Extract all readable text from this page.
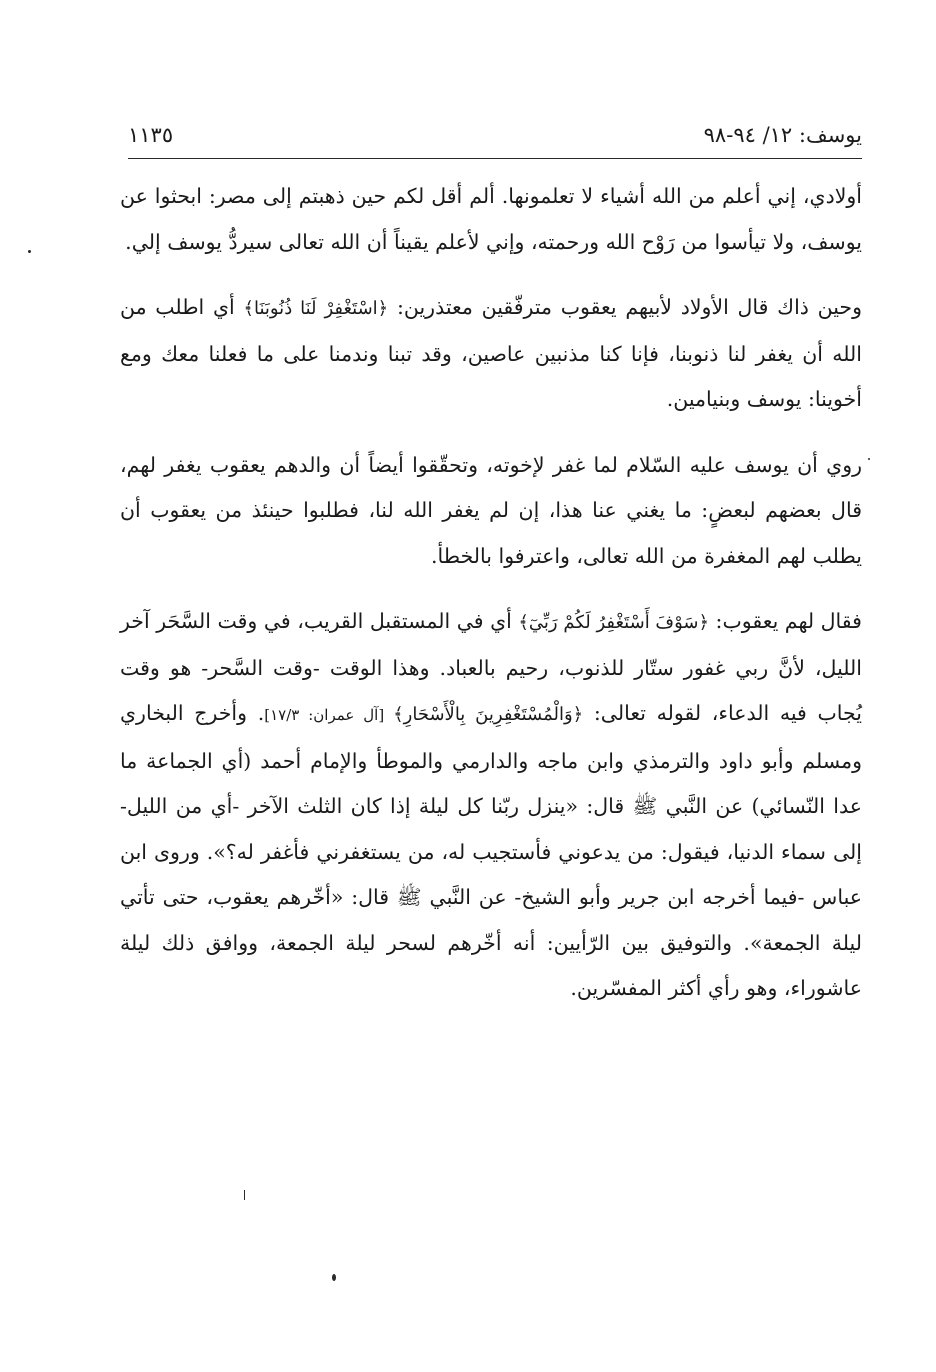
يوسف: ١٢/ ٩٤-٩٨
١١٣٥

أولادي، إني أعلم من الله أشياء لا تعلمونها. ألم أقل لكم حين ذهبتم إلى مصر: ابحثوا عن يوسف، ولا تيأسوا من رَوْح الله ورحمته، وإني لأعلم يقيناً أن الله تعالى سيردُّ يوسف إلي.

وحين ذاك قال الأولاد لأبيهم يعقوب مترفّقين معتذرين: ﴿اسْتَغْفِرْ لَنَا ذُنُوبَنَا﴾ أي اطلب من الله أن يغفر لنا ذنوبنا، فإنا كنا مذنبين عاصين، وقد تبنا وندمنا على ما فعلنا معك ومع أخوينا: يوسف وبنيامين.

روي أن يوسف عليه السّلام لما غفر لإخوته، وتحقّقوا أيضاً أن والدهم يعقوب يغفر لهم، قال بعضهم لبعضٍ: ما يغني عنا هذا، إن لم يغفر الله لنا، فطلبوا حينئذ من يعقوب أن يطلب لهم المغفرة من الله تعالى، واعترفوا بالخطأ.

فقال لهم يعقوب: ﴿سَوْفَ أَسْتَغْفِرُ لَكُمْ رَبِّيٓ﴾ أي في المستقبل القريب، في وقت السَّحَر آخر الليل، لأنَّ ربي غفور ستّار للذنوب، رحيم بالعباد. وهذا الوقت -وقت السَّحر- هو وقت يُجاب فيه الدعاء، لقوله تعالى: ﴿وَالْمُسْتَغْفِرِينَ بِالْأَسْحَارِ﴾ [آل عمران: ١٧/٣]. وأخرج البخاري ومسلم وأبو داود والترمذي وابن ماجه والدارمي والموطأ والإمام أحمد (أي الجماعة ما عدا النّسائي) عن النَّبي ﷺ قال: «ينزل ربّنا كل ليلة إذا كان الثلث الآخر -أي من الليل- إلى سماء الدنيا، فيقول: من يدعوني فأستجيب له، من يستغفرني فأغفر له؟». وروى ابن عباس -فيما أخرجه ابن جرير وأبو الشيخ- عن النَّبي ﷺ قال: «أخّرهم يعقوب، حتى تأتي ليلة الجمعة». والتوفيق بين الرّأيين: أنه أخّرهم لسحر ليلة الجمعة، ووافق ذلك ليلة عاشوراء، وهو رأي أكثر المفسّرين.
